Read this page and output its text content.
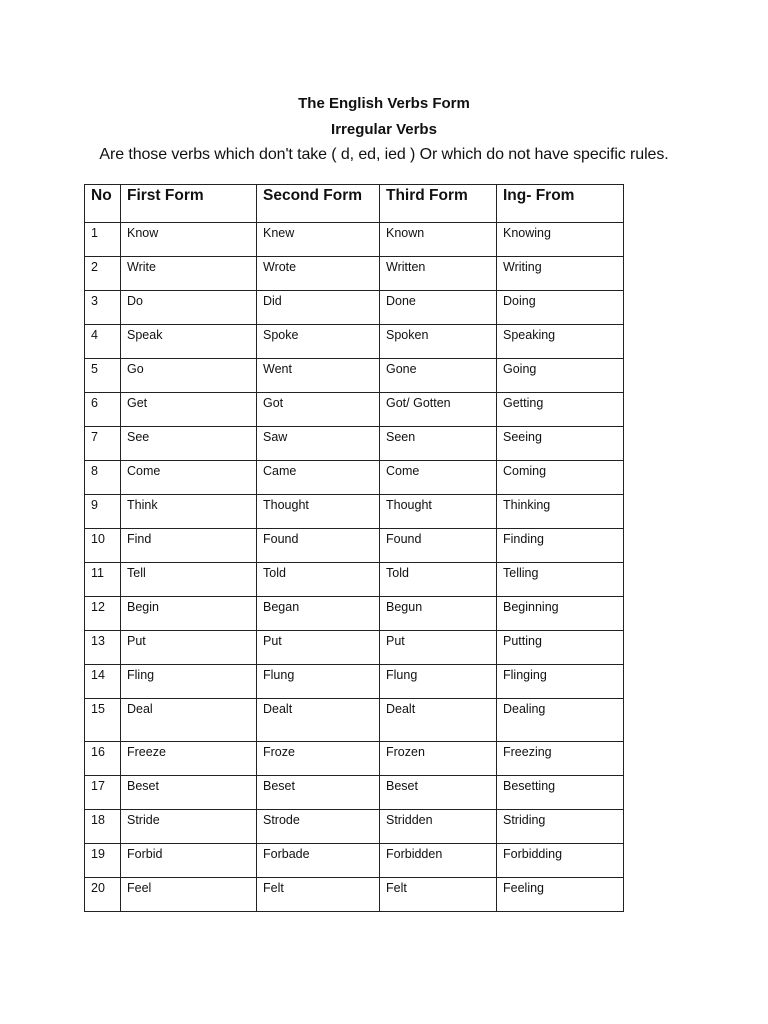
The English Verbs Form
Irregular Verbs
Are those verbs which don't take ( d, ed, ied ) Or which do not have specific rules.
No	First Form	Second Form	Third Form	Ing- From
1	Know	Knew	Known	Knowing
2	Write	Wrote	Written	Writing
3	Do	Did	Done	Doing
4	Speak	Spoke	Spoken	Speaking
5	Go	Went	Gone	Going
6	Get	Got	Got/ Gotten	Getting
7	See	Saw	Seen	Seeing
8	Come	Came	Come	Coming
9	Think	Thought	Thought	Thinking
10	Find	Found	Found	Finding
11	Tell	Told	Told	Telling
12	Begin	Began	Begun	Beginning
13	Put	Put	Put	Putting
14	Fling	Flung	Flung	Flinging
15	Deal	Dealt	Dealt	Dealing
16	Freeze	Froze	Frozen	Freezing
17	Beset	Beset	Beset	Besetting
18	Stride	Strode	Stridden	Striding
19	Forbid	Forbade	Forbidden	Forbidding
20	Feel	Felt	Felt	Feeling
